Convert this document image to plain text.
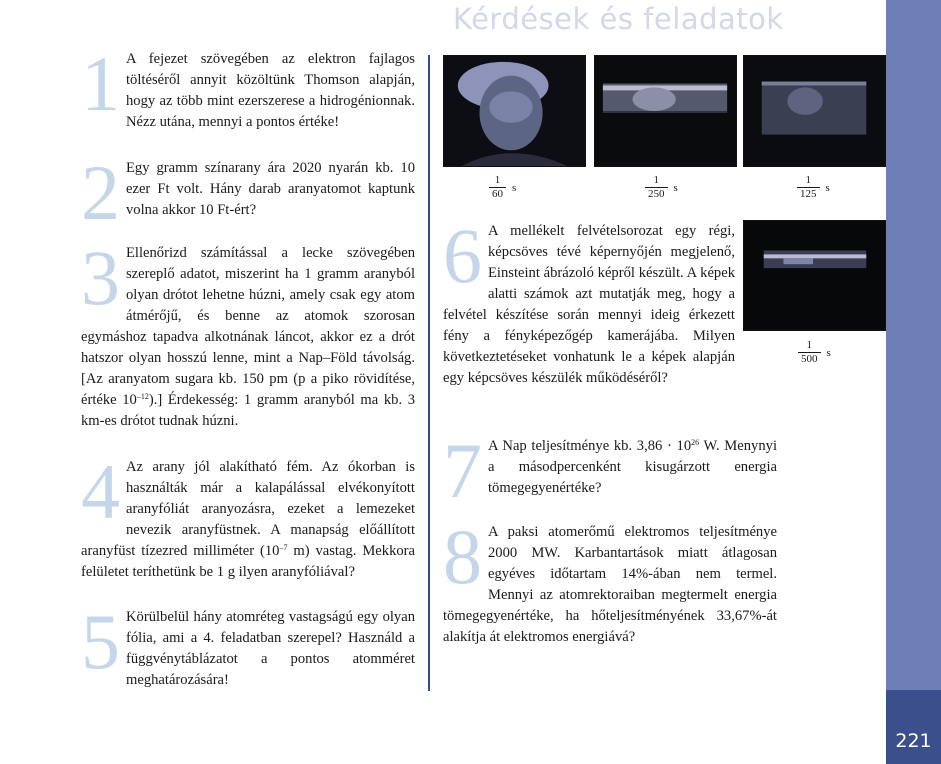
Kérdések és feladatok
221
1 A fejezet szövegében az elektron fajlagos töltéséről annyit közöltünk Thomson alapján, hogy az több mint ezerszerese a hidrogénionnak. Nézz utána, mennyi a pontos értéke!
2 Egy gramm színarany ára 2020 nyarán kb. 10 ezer Ft volt. Hány darab aranyatomot kaptunk volna akkor 10 Ft-ért?
3 Ellenőrizd számítással a lecke szövegében szereplő adatot, miszerint ha 1 gramm aranyból olyan drótot lehetne húzni, amely csak egy atom átmérőjű, és benne az atomok szorosan egymáshoz tapadva alkotnának láncot, akkor ez a drót hatszor olyan hosszú lenne, mint a Nap–Föld távolság. [Az aranyatom sugara kb. 150 pm (p a piko rövidítése, értéke $10^{-12}$).] Érdekesség: 1 gramm aranyból ma kb. 3 km-es drótot tudnak húzni.
4 Az arany jól alakítható fém. Az ókorban is használták már a kalapálással elvékonyított aranyfóliát aranyozásra, ezeket a lemezeket nevezik aranyfüstnek. A manapság előállított aranyfüst tízezred milliméter ($10^{-7}$ m) vastag. Mekkora felületet teríthetünk be 1 g ilyen aranyfóliával?
5 Körülbelül hány atomréteg vastagságú egy olyan fólia, ami a 4. feladatban szerepel? Használd a függvénytáblázatot a pontos atomméret meghatározására!
$\frac{1}{60}$ s	$\frac{1}{250}$ s	$\frac{1}{125}$ s
$\frac{1}{500}$ s
6 A mellékelt felvételsorozat egy régi, képcsöves tévé képernyőjén megjelenő, Einsteint ábrázoló képről készült. A képek alatti számok azt mutatják meg, hogy a felvétel készítése során mennyi ideig érkezett fény a fényképezőgép kamerájába. Milyen következtetéseket vonhatunk le a képek alapján egy képcsöves készülék működéséről?
7 A Nap teljesítménye kb. $3,86 \cdot 10^{26}$ W. Menynyi a másodpercenként kisugárzott energia tömegegyenértéke?
8 A paksi atomerőmű elektromos teljesítménye 2000 MW. Karbantartások miatt átlagosan egyéves időtartam 14%-ában nem termel. Mennyi az atomrektoraiban megtermelt energia tömegegyenértéke, ha hőteljesítményének 33,67%-át alakítja át elektromos energiává?
